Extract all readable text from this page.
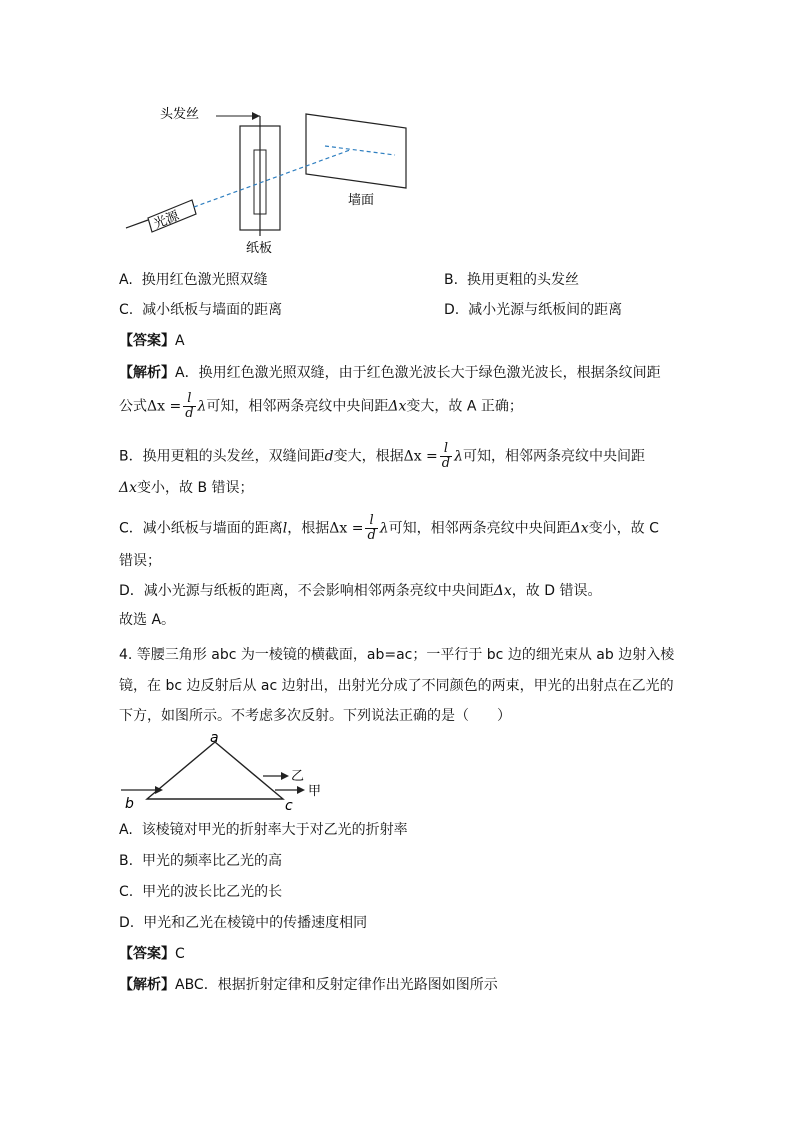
头发丝
光源
纸板
墙面
A. 换用红色激光照双缝	B. 换用更粗的头发丝
C. 减小纸板与墙面的距离	D. 减小光源与纸板间的距离
【答案】A
【解析】A．换用红色激光照双缝，由于红色激光波长大于绿色激光波长，根据条纹间距
公式$\Delta x = \frac{l}{d}$ λ可知，相邻两条亮纹中央间距Δx变大，故 A 正确；
B．换用更粗的头发丝，双缝间距d变大，根据$\Delta x = \frac{l}{d}$ λ可知，相邻两条亮纹中央间距
Δx变小，故 B 错误；
C．减小纸板与墙面的距离l，根据$\Delta x = \frac{l}{d}$ λ可知，相邻两条亮纹中央间距Δx变小，故 C
错误；
D．减小光源与纸板的距离，不会影响相邻两条亮纹中央间距Δx，故 D 错误。
故选 A。
4. 等腰三角形 abc 为一棱镜的横截面，ab=ac；一平行于 bc 边的细光束从 ab 边射入棱
镜，在 bc 边反射后从 ac 边射出，出射光分成了不同颜色的两束，甲光的出射点在乙光的
下方，如图所示。不考虑多次反射。下列说法正确的是（　　）
a
b	c
乙
甲
A. 该棱镜对甲光的折射率大于对乙光的折射率
B. 甲光的频率比乙光的高
C. 甲光的波长比乙光的长
D. 甲光和乙光在棱镜中的传播速度相同
【答案】C
【解析】ABC．根据折射定律和反射定律作出光路图如图所示
